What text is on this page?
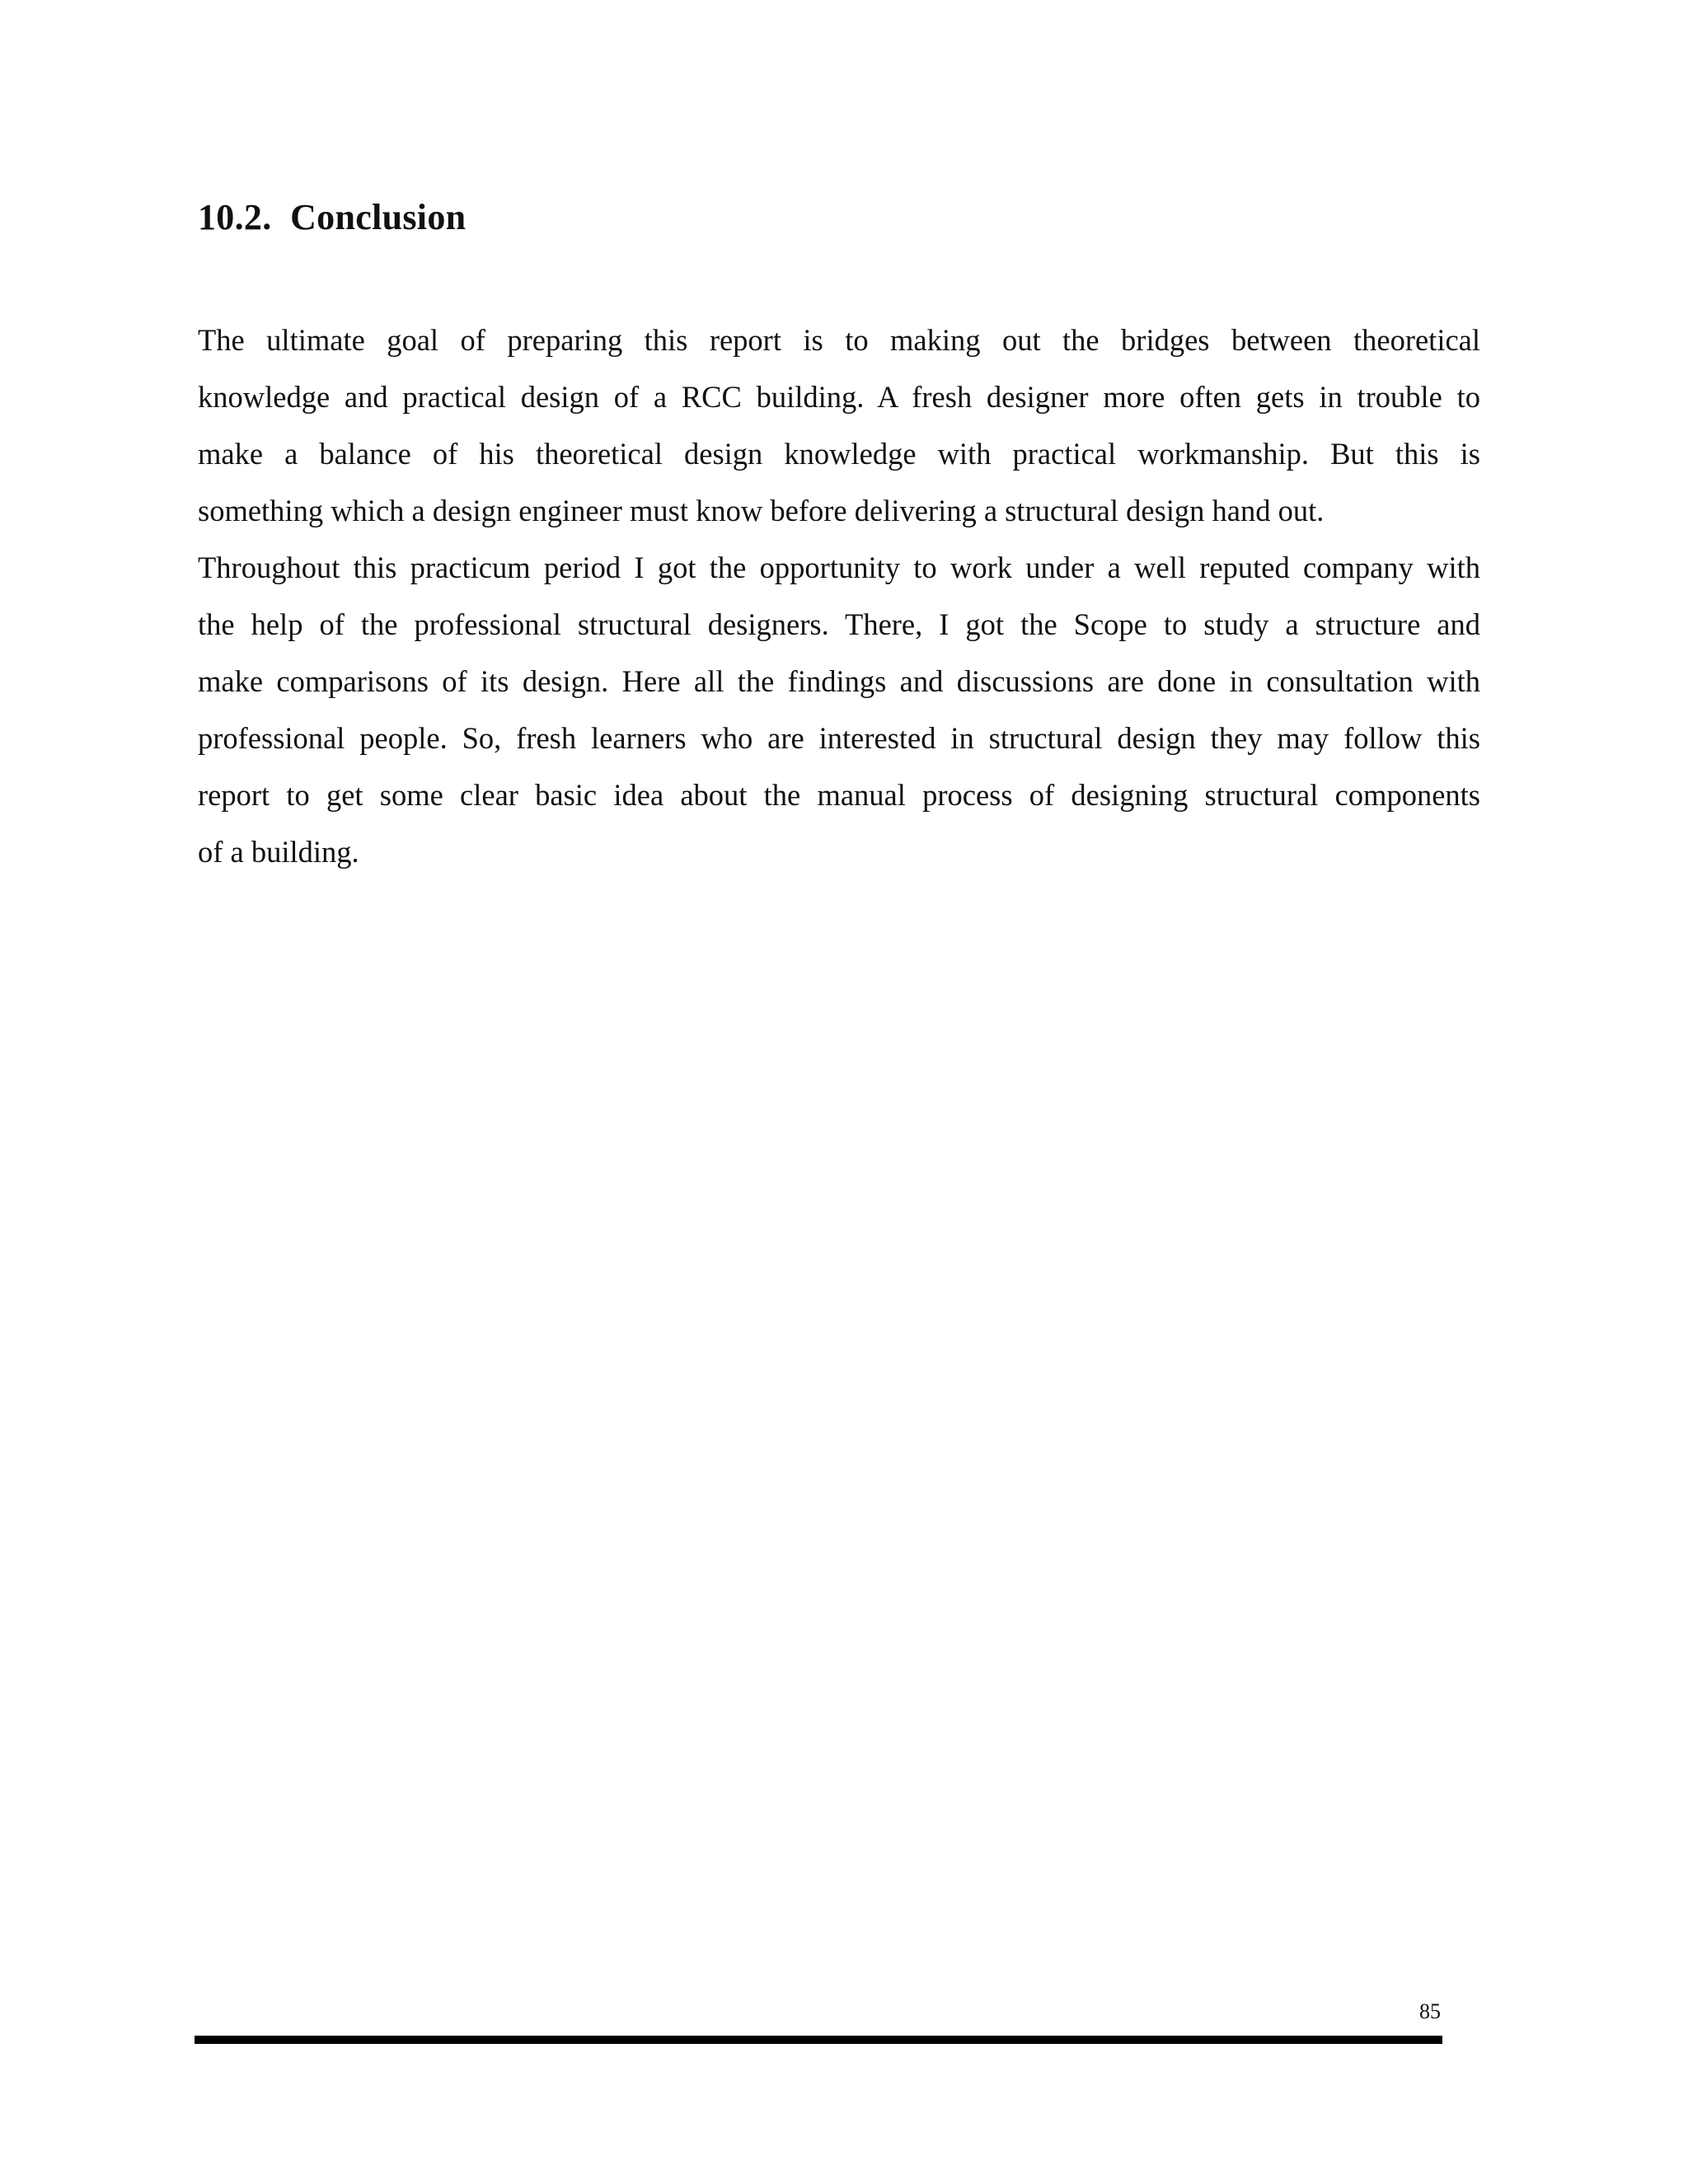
10.2.  Conclusion
The ultimate goal of preparing this report is to making out the bridges between theoretical
knowledge and practical design of a RCC building. A fresh designer more often gets in trouble to
make a balance of his theoretical design knowledge with practical workmanship. But this is
something which a design engineer must know before delivering a structural design hand out.
Throughout this practicum period I got the opportunity to work under a well reputed company with
the help of the professional structural designers. There, I got the Scope to study a structure and
make comparisons of its design. Here all the findings and discussions are done in consultation with
professional people. So, fresh learners who are interested in structural design they may follow this
report to get some clear basic idea about the manual process of designing structural components
of a building.
85
